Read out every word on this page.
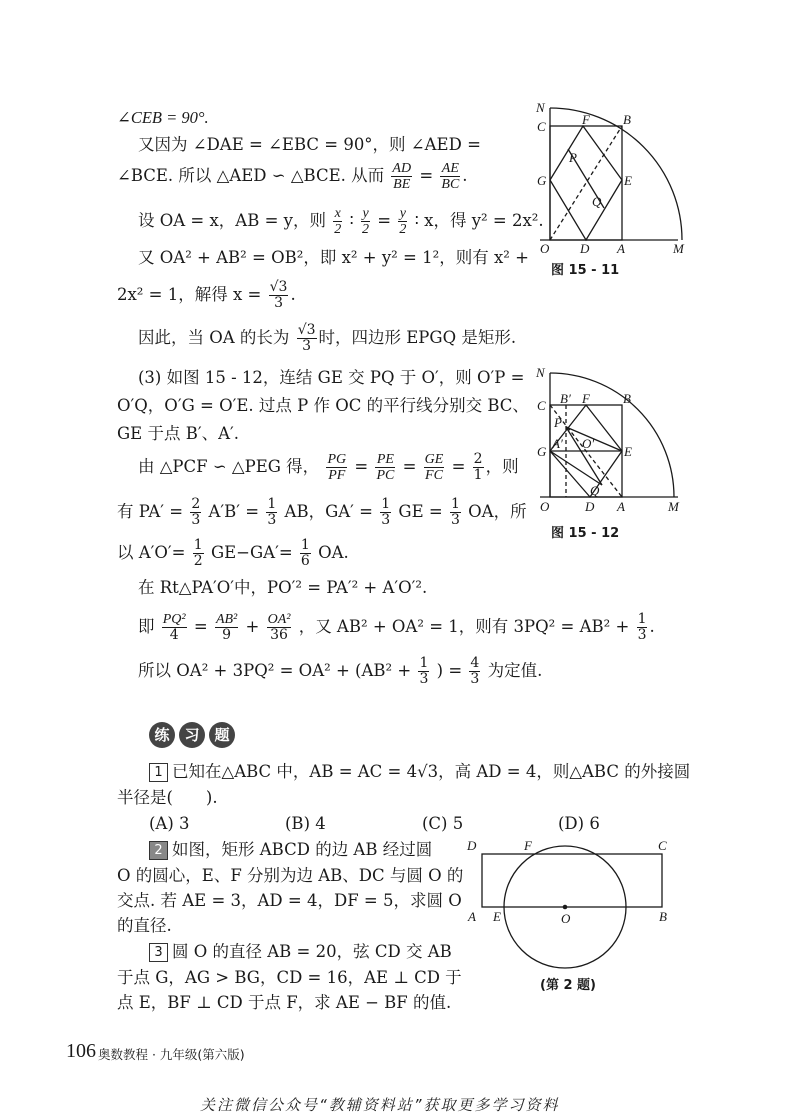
∠CEB = 90°.
又因为 ∠DAE = ∠EBC = 90°，则 ∠AED =
∠BCE. 所以 △AED ∽ △BCE. 从而 $\frac{AD}{BE} = \frac{AE}{BC}$ .
设 OA = x，AB = y，则 $\frac{x}{2}$ ∶ $\frac{y}{2} = \frac{y}{2}$ ∶ x，得 y² = 2x².
又 OA² + AB² = OB²，即 x² + y² = 1²，则有 x² +
2x² = 1，解得 $x = \frac{√3}{3}$ .
因此，当 OA 的长为 $\frac{√3}{3}$ 时，四边形 EPGQ 是矩形.
(3) 如图 15 - 12，连结 GE 交 PQ 于 O′，则 O′P =
O′Q，O′G = O′E. 过点 P 作 OC 的平行线分别交 BC、
GE 于点 B′、A′.
由 △PCF ∽ △PEG 得， $\frac{PG}{PF} = \frac{PE}{PC} = \frac{GE}{FC} = \frac{2}{1}$ ，则
有 $PA' = \frac{2}{3} A'B' = \frac{1}{3}$ AB，$GA' = \frac{1}{3}$ GE = $\frac{1}{3}$ OA，所
以 $A'O'= \frac{1}{2} GE-GA'= \frac{1}{6}$ OA.
在 Rt△PA′O′中，PO′² = PA′² + A′O′².
即 $\frac{\text{PQ²}}{4} = \frac{\text{AB²}}{9} + \frac{\text{OA²}}{36}$ ，又 AB² + OA² = 1，则有 $3PQ^2 = AB^2 + \frac{1}{3}$ .
所以 $OA^2 + 3PQ^2 = OA^2 + (AB^2 + \frac{1}{3}$ ) = $\frac{4}{3}$ 为定值.
练 习 题
1 已知在△ABC 中，AB = AC = 4√3，高 AD = 4，则△ABC 的外接圆
半径是(　　).
(A) 3	(B) 4	(C) 5	(D) 6
2 如图，矩形 ABCD 的边 AB 经过圆
O 的圆心，E、F 分别为边 AB、DC 与圆 O 的
交点. 若 AE = 3，AD = 4，DF = 5，求圆 O
的直径.
3 圆 O 的直径 AB = 20，弦 CD 交 AB
于点 G，AG > BG，CD = 16，AE ⊥ CD 于
点 E，BF ⊥ CD 于点 F，求 AE − BF 的值.
N
C	F	B
P
G	E
Q
O D A	M
图 15 - 11
N
C B′ F	B
P
A′ O′
G	E
Q
O	D A	M
图 15 - 12
D	F	C
A E	O	B
(第 2 题)
106 奥数教程 · 九年级(第六版)
关注微信公众号“教辅资料站”获取更多学习资料
